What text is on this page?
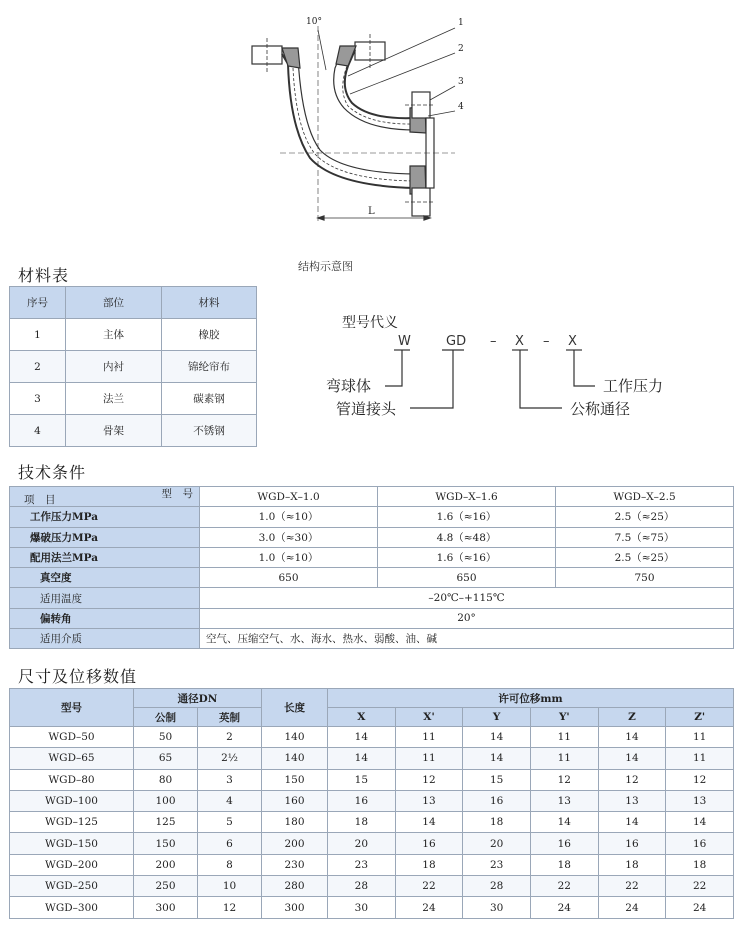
10°
L
1
2
3
4
结构示意图
材料表
序号	部位	材料
1	主体	橡胶
2	内衬	锦纶帘布
3	法兰	碳素钢
4	骨架	不锈钢
型号代义
W	GD – X – X
弯球体
管道接头
工作压力
公称通径
技术条件
项　目 型　号	WGD–X–1.0	WGD–X–1.6	WGD–X–2.5
工作压力MPa	1.0（≈10）	1.6（≈16）	2.5（≈25）
爆破压力MPa	3.0（≈30）	4.8（≈48）	7.5（≈75）
配用法兰MPa	1.0（≈10）	1.6（≈16）	2.5（≈25）
真空度	650	650	750
适用温度	–20℃–+115℃		
偏转角	20°		
适用介质	空气、压缩空气、水、海水、热水、弱酸、油、碱		
尺寸及位移数值
型号	通径DN		长度	许可位移mm					
	公制	英制		X	X'	Y	Y'	Z	Z'
WGD–50	50	2	140	14	11	14	11	14	11
WGD–65	65	2½	140	14	11	14	11	14	11
WGD–80	80	3	150	15	12	15	12	12	12
WGD–100	100	4	160	16	13	16	13	13	13
WGD–125	125	5	180	18	14	18	14	14	14
WGD–150	150	6	200	20	16	20	16	16	16
WGD–200	200	8	230	23	18	23	18	18	18
WGD–250	250	10	280	28	22	28	22	22	22
WGD–300	300	12	300	30	24	30	24	24	24
